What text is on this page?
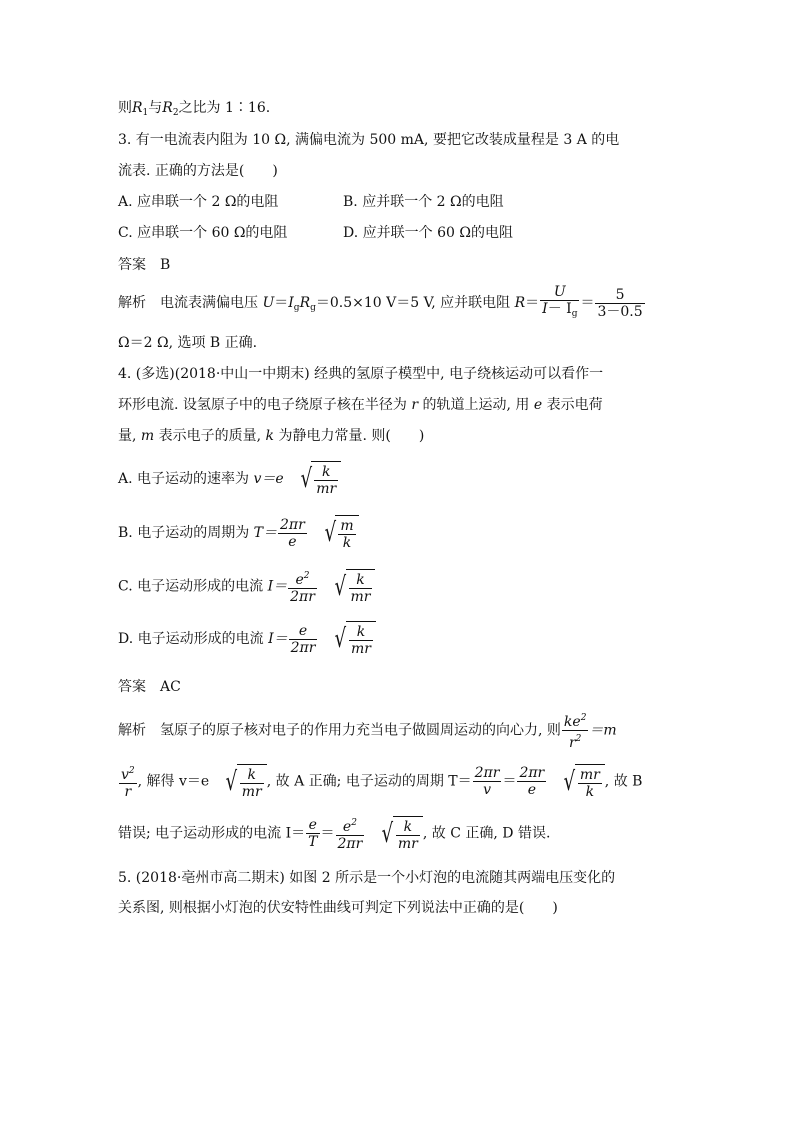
则$R_1$与$R_2$之比为 1∶16.
3. 有一电流表内阻为 10 Ω, 满偏电流为 500 mA, 要把它改装成量程是 3 A 的电
流表. 正确的方法是(　　)
A. 应串联一个 2 Ω的电阻	B. 应并联一个 2 Ω的电阻
C. 应串联一个 60 Ω的电阻	D. 应并联一个 60 Ω的电阻
答案　B
解析　电流表满偏电压 $U=I_gR_g=0.5\times 10$ V＝5 V, 应并联电阻 $R= \frac{U}{I- I_g} = \frac{5}{3-0.5}$
Ω＝2 Ω, 选项 B 正确.
4. (多选)(2018·中山一中期末) 经典的氢原子模型中, 电子绕核运动可以看作一
环形电流. 设氢原子中的电子绕原子核在半径为 r 的轨道上运动, 用 e 表示电荷
量, m 表示电子的质量, k 为静电力常量. 则(　　)
A. 电子运动的速率为 v＝e √ $\frac{k}{mr}$
B. 电子运动的周期为 $T= \frac{2\pi r}{e}$ √ $\frac{m}{k}$
C. 电子运动形成的电流 $I= \frac{e^2}{2\pi r}$ √ $\frac{k}{mr}$
D. 电子运动形成的电流 $I= \frac{e}{2\pi r}$ √ $\frac{k}{mr}$
答案　AC
解析　氢原子的原子核对电子的作用力充当电子做圆周运动的向心力, 则 $\frac{ke^2}{r^2} =m$
$\frac{v^2}{r}$ , 解得 v＝e √ $\frac{k}{mr}$ , 故 A 正确; 电子运动的周期 $T= \frac{2\pi r}{v} = \frac{2\pi r}{e}$ √ $\frac{mr}{k}$ , 故 B
错误; 电子运动形成的电流 $I= \frac{e}{T} = \frac{e^2}{2\pi r}$ √ $\frac{k}{mr}$ , 故 C 正确, D 错误.
5. (2018·亳州市高二期末) 如图 2 所示是一个小灯泡的电流随其两端电压变化的
关系图, 则根据小灯泡的伏安特性曲线可判定下列说法中正确的是(　　)
